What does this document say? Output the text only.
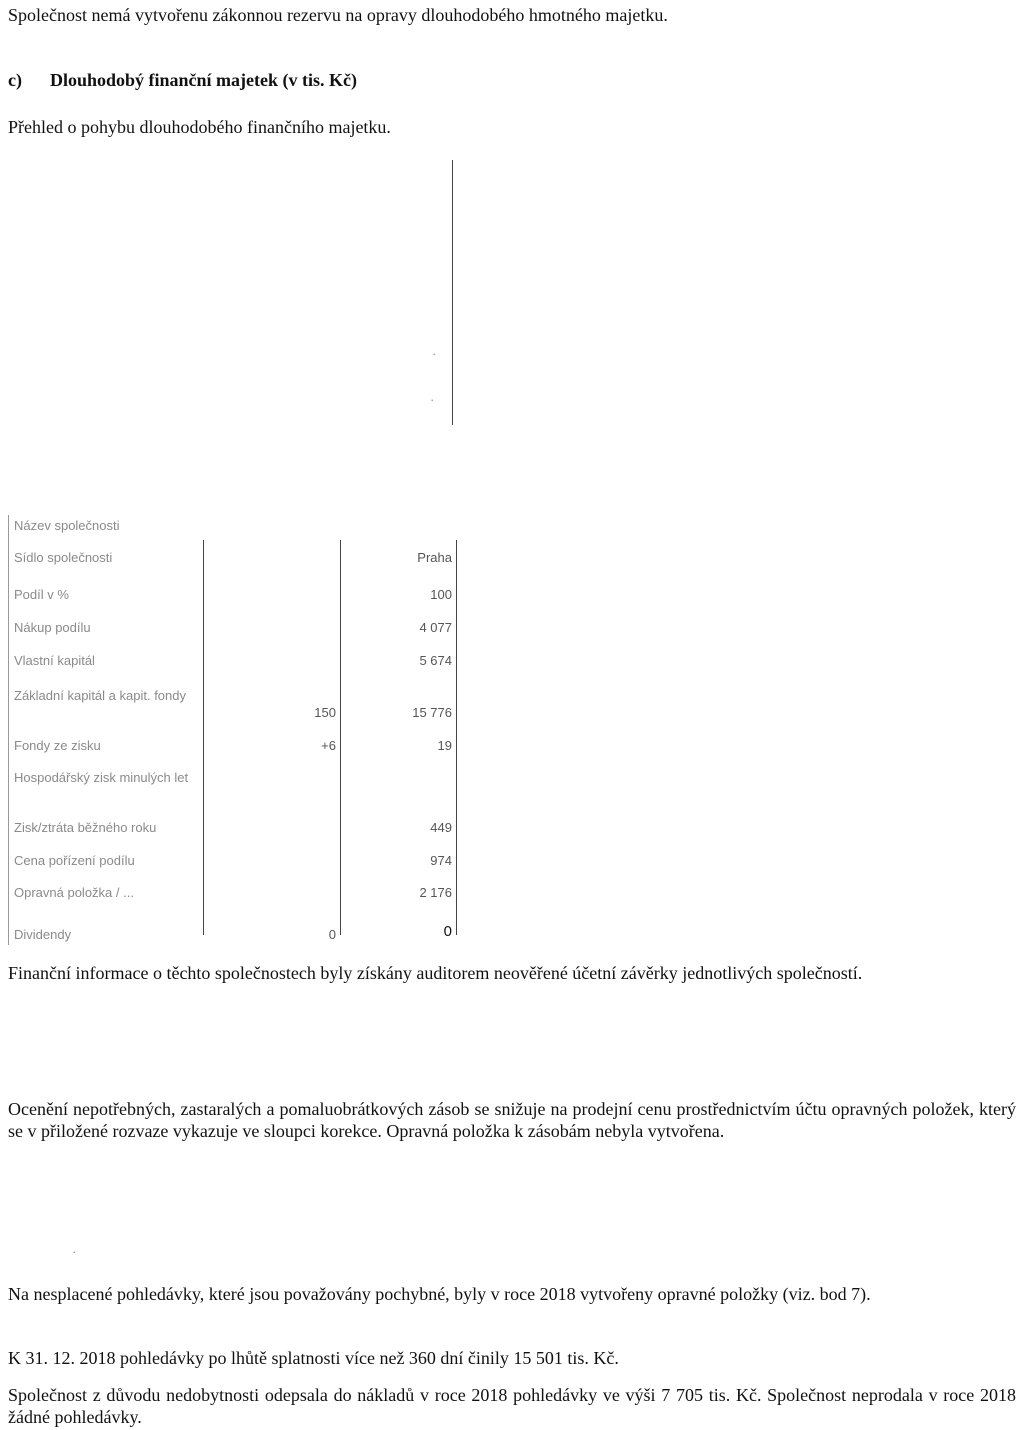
Společnost nemá vytvořenu zákonnou rezervu na opravy dlouhodobého hmotného majetku.
c) Dlouhodobý finanční majetek (v tis. Kč)
Přehled o pohybu dlouhodobého finančního majetku.
·
·
Název společnosti
Sídlo společnosti
Podíl v %
Nákup podílu
Vlastní kapitál
Základní kapitál a kapit. fondy
Fondy ze zisku
Hospodářský zisk minulých let
Zisk/ztráta běžného roku
Cena pořízení podílu
Opravná položka / ...
Dividendy
150
+6
0
Praha
100
4 077
5 674
15 776
19
449
974
2 176
0
Finanční informace o těchto společnostech byly získány auditorem neověřené účetní závěrky jednotlivých společností.
Ocenění nepotřebných, zastaralých a pomaluobrátkových zásob se snižuje na prodejní cenu prostřednictvím účtu opravných položek, který se v přiložené rozvaze vykazuje ve sloupci korekce. Opravná položka k zásobám nebyla vytvořena.
·
Na nesplacené pohledávky, které jsou považovány pochybné, byly v roce 2018 vytvořeny opravné položky (viz. bod 7).
K 31. 12. 2018 pohledávky po lhůtě splatnosti více než 360 dní činily 15 501 tis. Kč.
Společnost z důvodu nedobytnosti odepsala do nákladů v roce 2018 pohledávky ve výši 7 705 tis. Kč. Společnost neprodala v roce 2018 žádné pohledávky.
